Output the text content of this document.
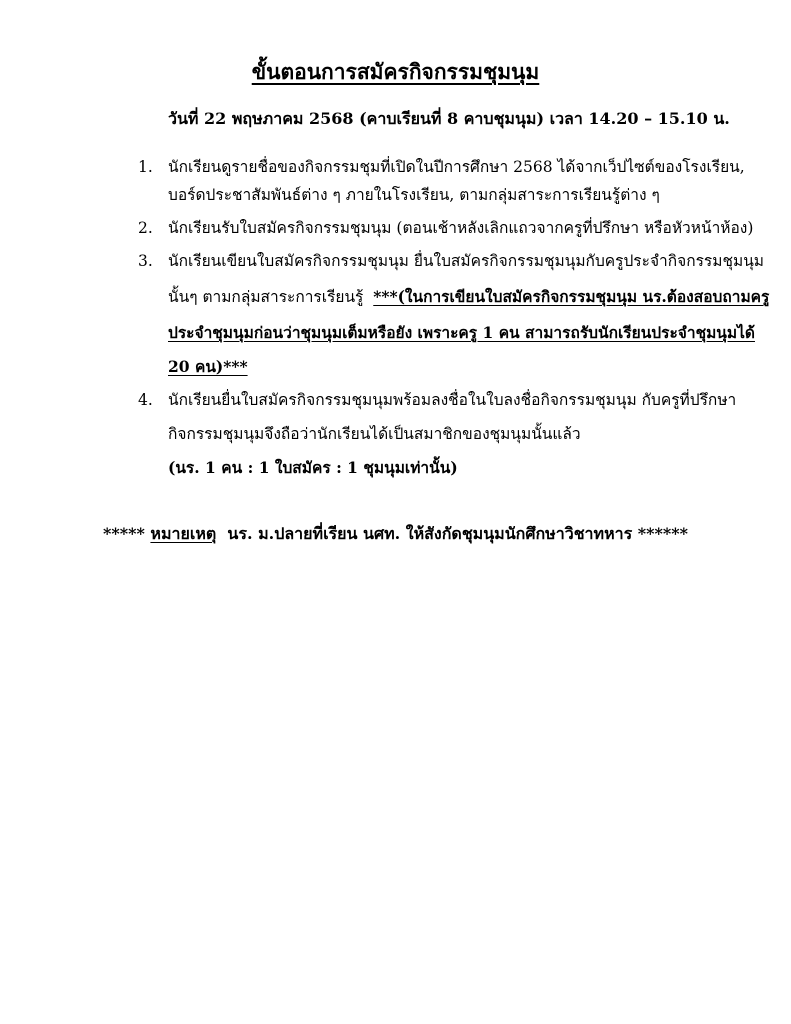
ขั้นตอนการสมัครกิจกรรมชุมนุม
วันที่ 22 พฤษภาคม 2568 (คาบเรียนที่ 8 คาบชุมนุม) เวลา 14.20 – 15.10 น.
1. นักเรียนดูรายชื่อของกิจกรรมชุมที่เปิดในปีการศึกษา 2568 ได้จากเว็ปไซต์ของโรงเรียน,
บอร์ดประชาสัมพันธ์ต่าง ๆ ภายในโรงเรียน, ตามกลุ่มสาระการเรียนรู้ต่าง ๆ
2. นักเรียนรับใบสมัครกิจกรรมชุมนุม (ตอนเช้าหลังเลิกแถวจากครูที่ปรึกษา หรือหัวหน้าห้อง)
3. นักเรียนเขียนใบสมัครกิจกรรมชุมนุม ยื่นใบสมัครกิจกรรมชุมนุมกับครูประจำกิจกรรมชุมนุม
นั้นๆ ตามกลุ่มสาระการเรียนรู้ ***(ในการเขียนใบสมัครกิจกรรมชุมนุม นร.ต้องสอบถามครู
ประจำชุมนุมก่อนว่าชุมนุมเต็มหรือยัง เพราะครู 1 คน สามารถรับนักเรียนประจำชุมนุมได้
20 คน)***
4. นักเรียนยื่นใบสมัครกิจกรรมชุมนุมพร้อมลงชื่อในใบลงชื่อกิจกรรมชุมนุม กับครูที่ปรึกษา
กิจกรรมชุมนุมจึงถือว่านักเรียนได้เป็นสมาชิกของชุมนุมนั้นแล้ว
(นร. 1 คน : 1 ใบสมัคร : 1 ชุมนุมเท่านั้น)
***** หมายเหตุ นร. ม.ปลายที่เรียน นศท. ให้สังกัดชุมนุมนักศึกษาวิชาทหาร ******
